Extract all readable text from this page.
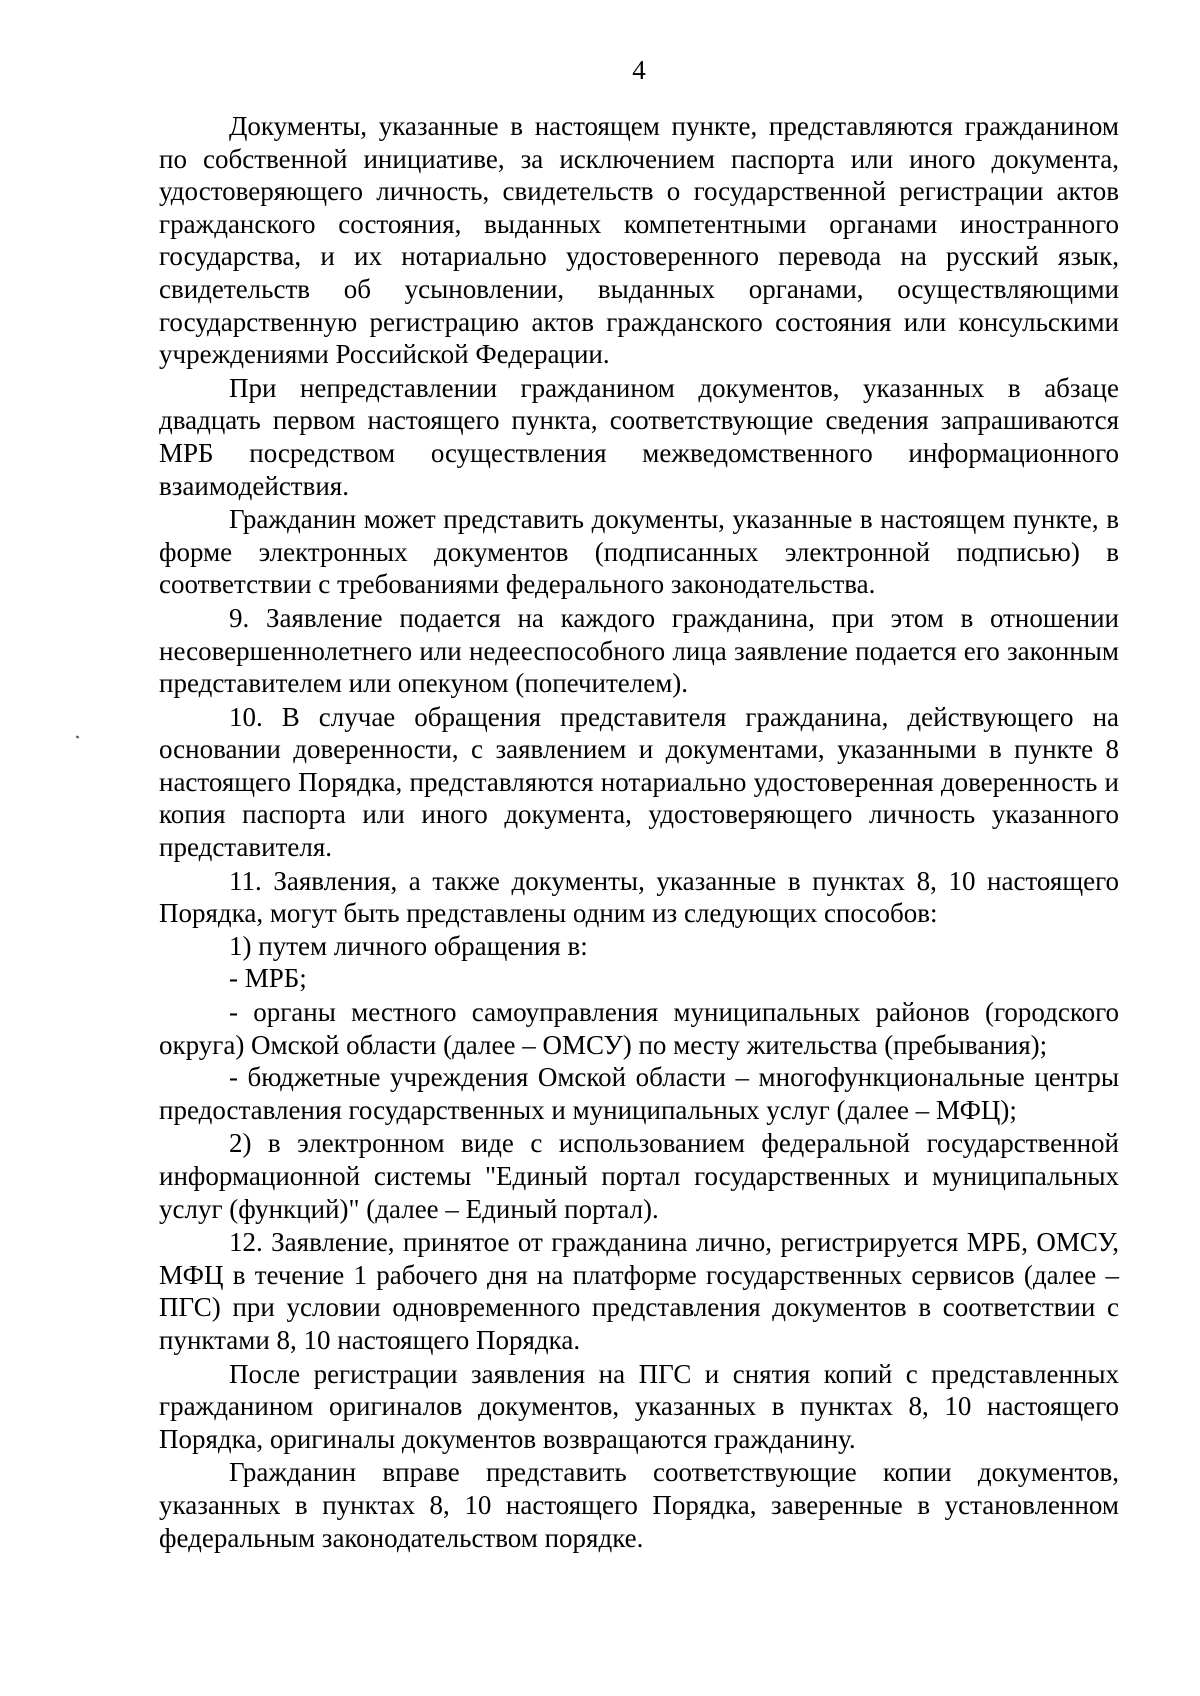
4

Документы, указанные в настоящем пункте, представляются гражданином по собственной инициативе, за исключением паспорта или иного документа, удостоверяющего личность, свидетельств о государственной регистрации актов гражданского состояния, выданных компетентными органами иностранного государства, и их нотариально удостоверенного перевода на русский язык, свидетельств об усыновлении, выданных органами, осуществляющими государственную регистрацию актов гражданского состояния или консульскими учреждениями Российской Федерации.

При непредставлении гражданином документов, указанных в абзаце двадцать первом настоящего пункта, соответствующие сведения запрашиваются МРБ посредством осуществления межведомственного информационного взаимодействия.

Гражданин может представить документы, указанные в настоящем пункте, в форме электронных документов (подписанных электронной подписью) в соответствии с требованиями федерального законодательства.

9. Заявление подается на каждого гражданина, при этом в отношении несовершеннолетнего или недееспособного лица заявление подается его законным представителем или опекуном (попечителем).

10. В случае обращения представителя гражданина, действующего на основании доверенности, с заявлением и документами, указанными в пункте 8 настоящего Порядка, представляются нотариально удостоверенная доверенность и копия паспорта или иного документа, удостоверяющего личность указанного представителя.

11. Заявления, а также документы, указанные в пунктах 8, 10 настоящего Порядка, могут быть представлены одним из следующих способов:

1) путем личного обращения в:

- МРБ;

- органы местного самоуправления муниципальных районов (городского округа) Омской области (далее – ОМСУ) по месту жительства (пребывания);

- бюджетные учреждения Омской области – многофункциональные центры предоставления государственных и муниципальных услуг (далее – МФЦ);

2) в электронном виде с использованием федеральной государственной информационной системы "Единый портал государственных и муниципальных услуг (функций)" (далее – Единый портал).

12. Заявление, принятое от гражданина лично, регистрируется МРБ, ОМСУ, МФЦ в течение 1 рабочего дня на платформе государственных сервисов (далее – ПГС) при условии одновременного представления документов в соответствии с пунктами 8, 10 настоящего Порядка.

После регистрации заявления на ПГС и снятия копий с представленных гражданином оригиналов документов, указанных в пунктах 8, 10 настоящего Порядка, оригиналы документов возвращаются гражданину.

Гражданин вправе представить соответствующие копии документов, указанных в пунктах 8, 10 настоящего Порядка, заверенные в установленном федеральным законодательством порядке.
